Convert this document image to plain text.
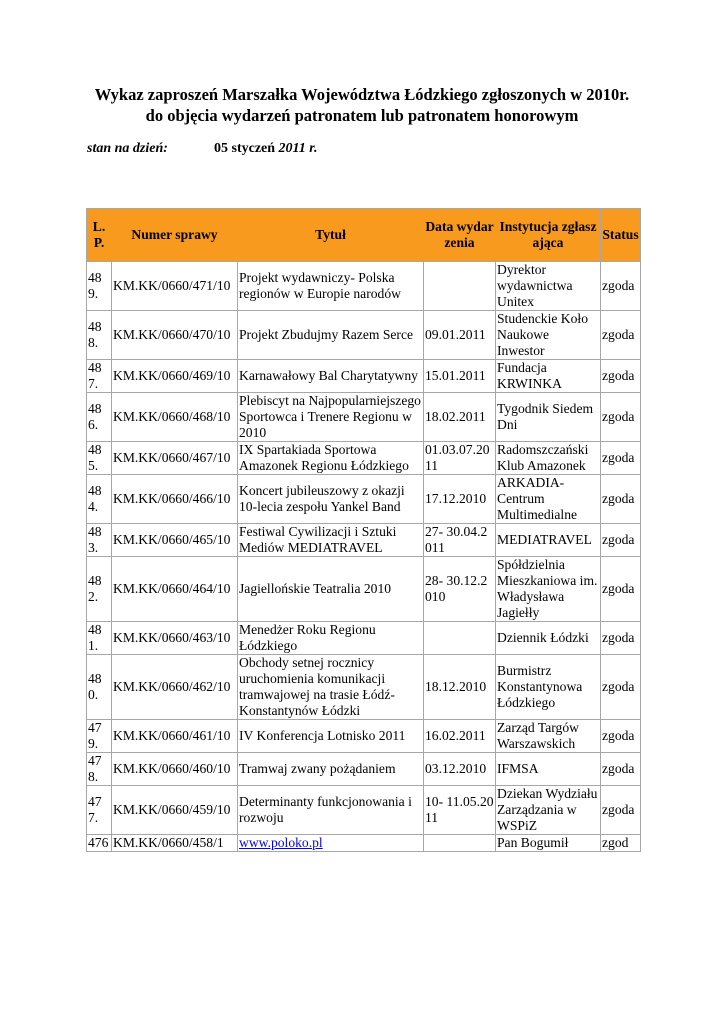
Wykaz zaproszeń Marszałka Województwa Łódzkiego zgłoszonych w 2010r.
do objęcia wydarzeń patronatem lub patronatem honorowym
stan na dzień:	05 styczeń 2011 r.
L.P.	Numer sprawy	Tytuł	Data wydarzenia	Instytucja zgłaszająca	Status
489.	KM.KK/0660/471/10	Projekt wydawniczy- Polska regionów w Europie narodów		Dyrektor wydawnictwa Unitex	zgoda
488.	KM.KK/0660/470/10	Projekt Zbudujmy Razem Serce	09.01.2011	Studenckie Koło Naukowe Inwestor	zgoda
487.	KM.KK/0660/469/10	Karnawałowy Bal Charytatywny	15.01.2011	Fundacja KRWINKA	zgoda
486.	KM.KK/0660/468/10	Plebiscyt na Najpopularniejszego Sportowca i Trenere Regionu w 2010	18.02.2011	Tygodnik Siedem Dni	zgoda
485.	KM.KK/0660/467/10	IX Spartakiada Sportowa Amazonek Regionu Łódzkiego	01.03.07.2011	Radomszczański Klub Amazonek	zgoda
484.	KM.KK/0660/466/10	Koncert jubileuszowy z okazji 10-lecia zespołu Yankel Band	17.12.2010	ARKADIA- Centrum Multimedialne	zgoda
483.	KM.KK/0660/465/10	Festiwal Cywilizacji i Sztuki Mediów MEDIATRAVEL	27- 30.04.2011	MEDIATRAVEL	zgoda
482.	KM.KK/0660/464/10	Jagiellońskie Teatralia 2010	28- 30.12.2010	Spółdzielnia Mieszkaniowa im. Władysława Jagiełły	zgoda
481.	KM.KK/0660/463/10	Menedżer Roku Regionu Łódzkiego		Dziennik Łódzki	zgoda
480.	KM.KK/0660/462/10	Obchody setnej rocznicy uruchomienia komunikacji tramwajowej na trasie Łódź-Konstantynów Łódzki	18.12.2010	Burmistrz Konstantynowa Łódzkiego	zgoda
479.	KM.KK/0660/461/10	IV Konferencja Lotnisko 2011	16.02.2011	Zarząd Targów Warszawskich	zgoda
478.	KM.KK/0660/460/10	Tramwaj zwany pożądaniem	03.12.2010	IFMSA	zgoda
477.	KM.KK/0660/459/10	Determinanty funkcjonowania i rozwoju	10- 11.05.2011	Dziekan Wydziału Zarządzania w WSPiZ	zgoda
476	KM.KK/0660/458/1	www.poloko.pl		Pan Bogumił	zgod
